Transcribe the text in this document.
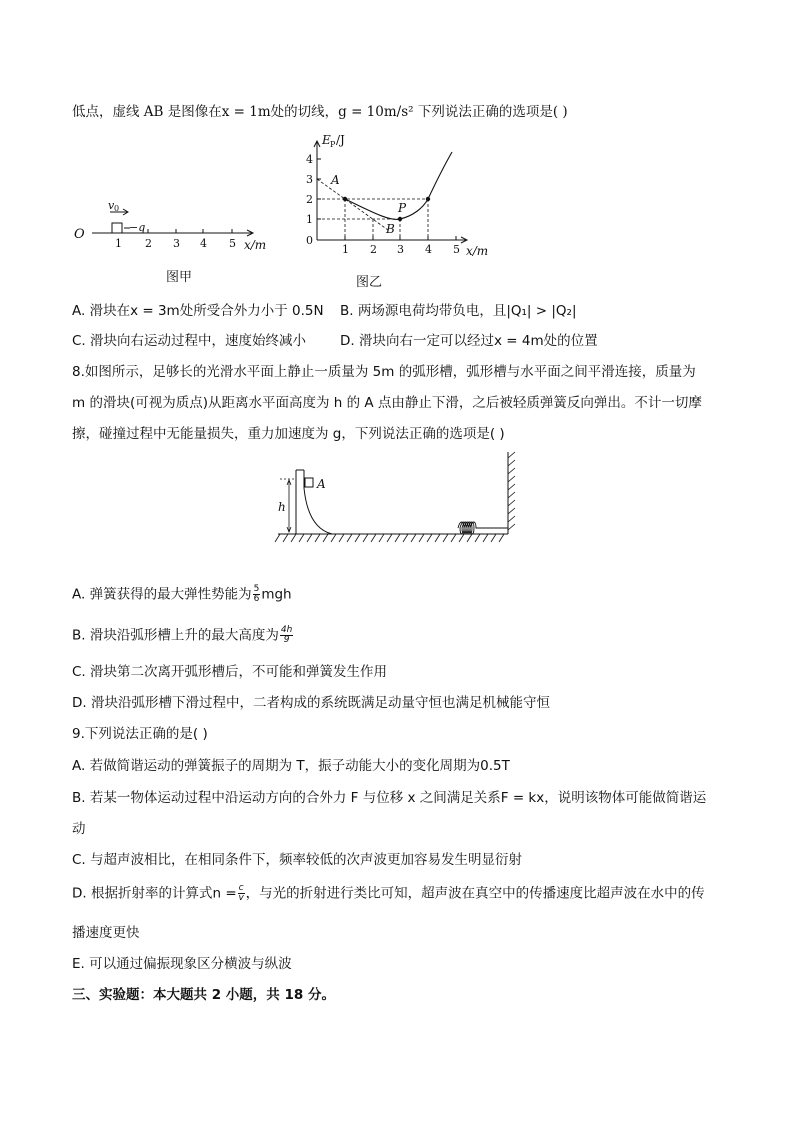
低点，虚线 AB 是图像在x = 1m处的切线，g = 10m/s² 下列说法正确的选项是( )
O
v 0
−q
1 2 3 4 5 x/m
图甲
E P /J
0
1
2
3
4
1 2 3 4 5 x/m
A
P
B
图乙
A. 滑块在x = 3m处所受合外力小于 0.5N B. 两场源电荷均带负电，且|Q₁| > |Q₂|
C. 滑块向右运动过程中，速度始终减小	D. 滑块向右一定可以经过x = 4m处的位置
8.如图所示，足够长的光滑水平面上静止一质量为 5m 的弧形槽，弧形槽与水平面之间平滑连接，质量为
m 的滑块(可视为质点)从距离水平面高度为 h 的 A 点由静止下滑，之后被轻质弹簧反向弹出。不计一切摩
擦，碰撞过程中无能量损失，重力加速度为 g，下列说法正确的选项是( )
A
h
A. 弹簧获得的最大弹性势能为 $\frac{5}{6}$ mgh
B. 滑块沿弧形槽上升的最大高度为 $\frac{4h}{9}$
C. 滑块第二次离开弧形槽后，不可能和弹簧发生作用
D. 滑块沿弧形槽下滑过程中，二者构成的系统既满足动量守恒也满足机械能守恒
9.下列说法正确的是( )
A. 若做简谐运动的弹簧振子的周期为 T，振子动能大小的变化周期为0.5T
B. 若某一物体运动过程中沿运动方向的合外力 F 与位移 x 之间满足关系F = kx，说明该物体可能做简谐运
动
C. 与超声波相比，在相同条件下，频率较低的次声波更加容易发生明显衍射
D. 根据折射率的计算式$n = \frac{c}{v}$ ，与光的折射进行类比可知，超声波在真空中的传播速度比超声波在水中的传
播速度更快
E. 可以通过偏振现象区分横波与纵波
三、实验题：本大题共 2 小题，共 18 分。
